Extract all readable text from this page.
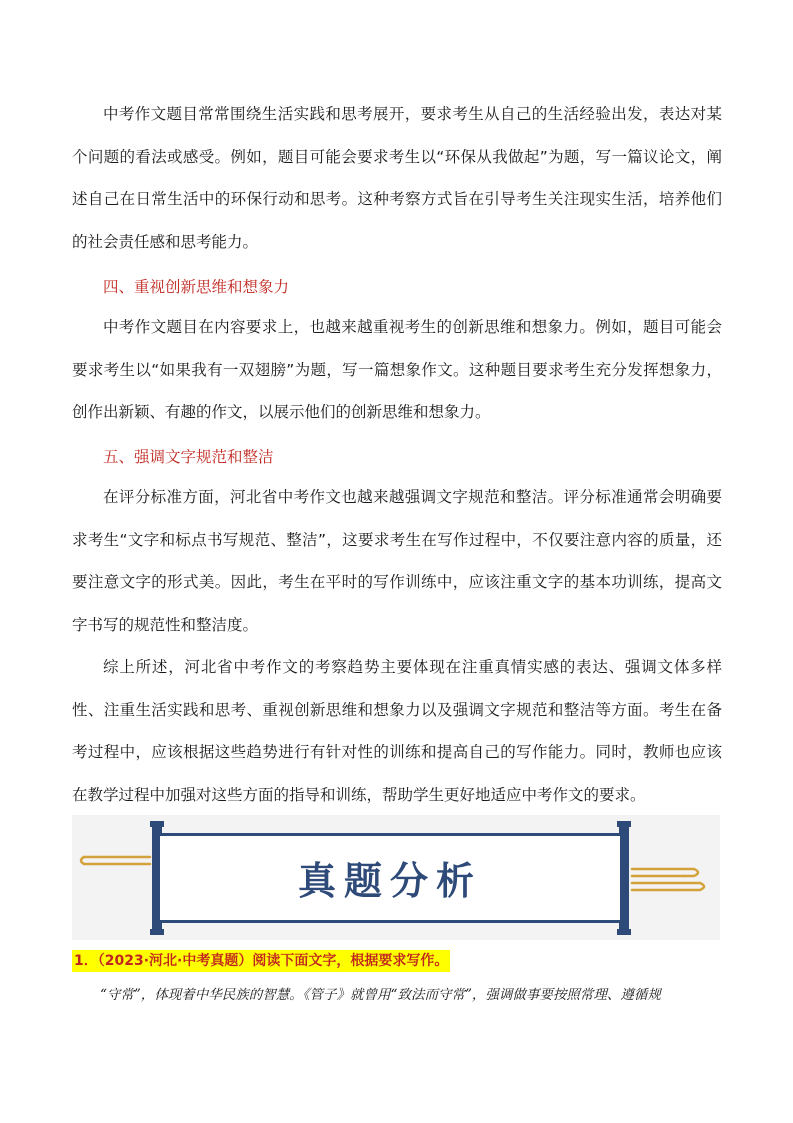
中考作文题目常常围绕生活实践和思考展开，要求考生从自己的生活经验出发，表达对某个问题的看法或感受。例如，题目可能会要求考生以“环保从我做起”为题，写一篇议论文，阐述自己在日常生活中的环保行动和思考。这种考察方式旨在引导考生关注现实生活，培养他们的社会责任感和思考能力。

四、重视创新思维和想象力

中考作文题目在内容要求上，也越来越重视考生的创新思维和想象力。例如，题目可能会要求考生以“如果我有一双翅膀”为题，写一篇想象作文。这种题目要求考生充分发挥想象力，创作出新颖、有趣的作文，以展示他们的创新思维和想象力。

五、强调文字规范和整洁

在评分标准方面，河北省中考作文也越来越强调文字规范和整洁。评分标准通常会明确要求考生“文字和标点书写规范、整洁”，这要求考生在写作过程中，不仅要注意内容的质量，还要注意文字的形式美。因此，考生在平时的写作训练中，应该注重文字的基本功训练，提高文字书写的规范性和整洁度。

综上所述，河北省中考作文的考察趋势主要体现在注重真情实感的表达、强调文体多样性、注重生活实践和思考、重视创新思维和想象力以及强调文字规范和整洁等方面。考生在备考过程中，应该根据这些趋势进行有针对性的训练和提高自己的写作能力。同时，教师也应该在教学过程中加强对这些方面的指导和训练，帮助学生更好地适应中考作文的要求。

真题分析

1．（2023·河北·中考真题）阅读下面文字，根据要求写作。

“守常”，体现着中华民族的智慧。《管子》就曾用“致法而守常”，强调做事要按照常理、遵循规
